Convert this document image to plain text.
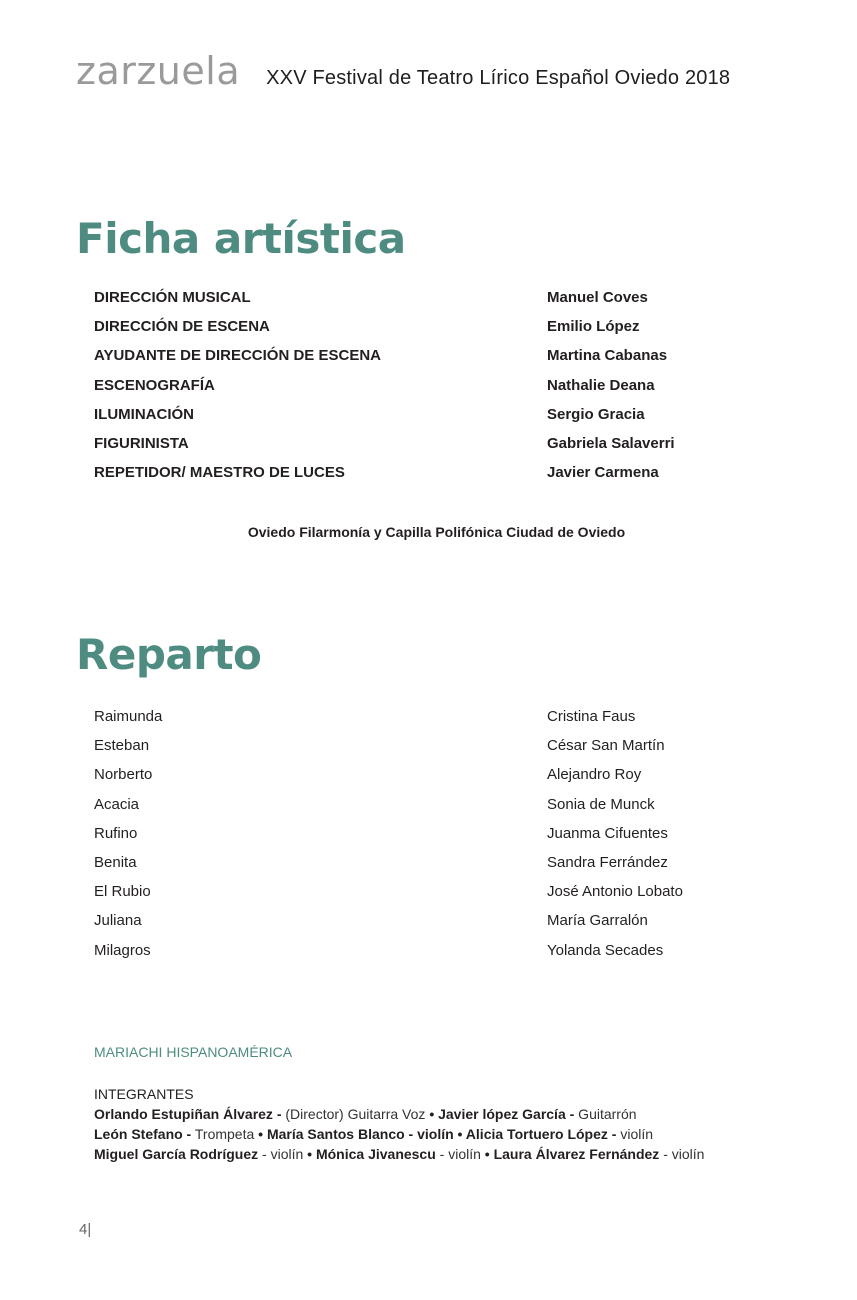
zarzuela XXV Festival de Teatro Lírico Español Oviedo 2018
Ficha artística
DIRECCIÓN MUSICAL	Manuel Coves
DIRECCIÓN DE ESCENA	Emilio López
AYUDANTE DE DIRECCIÓN DE ESCENA	Martina Cabanas
ESCENOGRAFÍA	Nathalie Deana
ILUMINACIÓN	Sergio Gracia
FIGURINISTA	Gabriela Salaverri
REPETIDOR/ MAESTRO DE LUCES	Javier Carmena
Oviedo Filarmonía y Capilla Polifónica Ciudad de Oviedo
Reparto
Raimunda	Cristina Faus
Esteban	César San Martín
Norberto	Alejandro Roy
Acacia	Sonia de Munck
Rufino	Juanma Cifuentes
Benita	Sandra Ferrández
El Rubio	José Antonio Lobato
Juliana	María Garralón
Milagros	Yolanda Secades
MARIACHI HISPANOAMÉRICA
INTEGRANTES
Orlando Estupiñan Álvarez - (Director) Guitarra Voz • Javier lópez García - Guitarrón
León Stefano - Trompeta • María Santos Blanco - violín • Alicia Tortuero López - violín
Miguel García Rodríguez - violín • Mónica Jivanescu - violín • Laura Álvarez Fernández - violín
4|
